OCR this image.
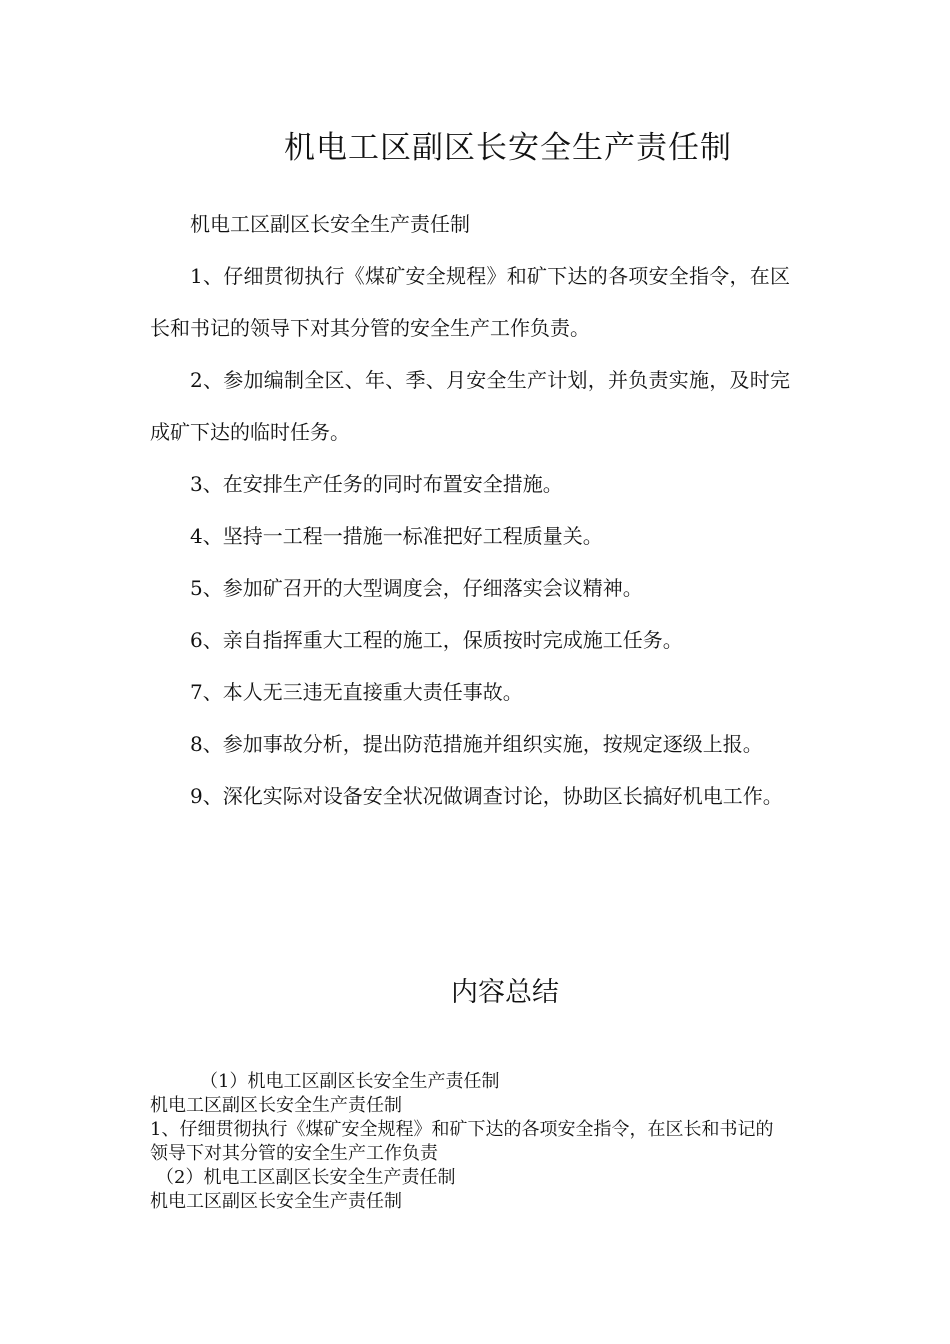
机电工区副区长安全生产责任制

机电工区副区长安全生产责任制

1、仔细贯彻执行《煤矿安全规程》和矿下达的各项安全指令，在区长和书记的领导下对其分管的安全生产工作负责。

2、参加编制全区、年、季、月安全生产计划，并负责实施，及时完成矿下达的临时任务。

3、在安排生产任务的同时布置安全措施。

4、坚持一工程一措施一标准把好工程质量关。

5、参加矿召开的大型调度会，仔细落实会议精神。

6、亲自指挥重大工程的施工，保质按时完成施工任务。

7、本人无三违无直接重大责任事故。

8、参加事故分析，提出防范措施并组织实施，按规定逐级上报。

9、深化实际对设备安全状况做调查讨论，协助区长搞好机电工作。

内容总结
（1）机电工区副区长安全生产责任制
机电工区副区长安全生产责任制
1、仔细贯彻执行《煤矿安全规程》和矿下达的各项安全指令，在区长和书记的领导下对其分管的安全生产工作负责
（2）机电工区副区长安全生产责任制
机电工区副区长安全生产责任制
